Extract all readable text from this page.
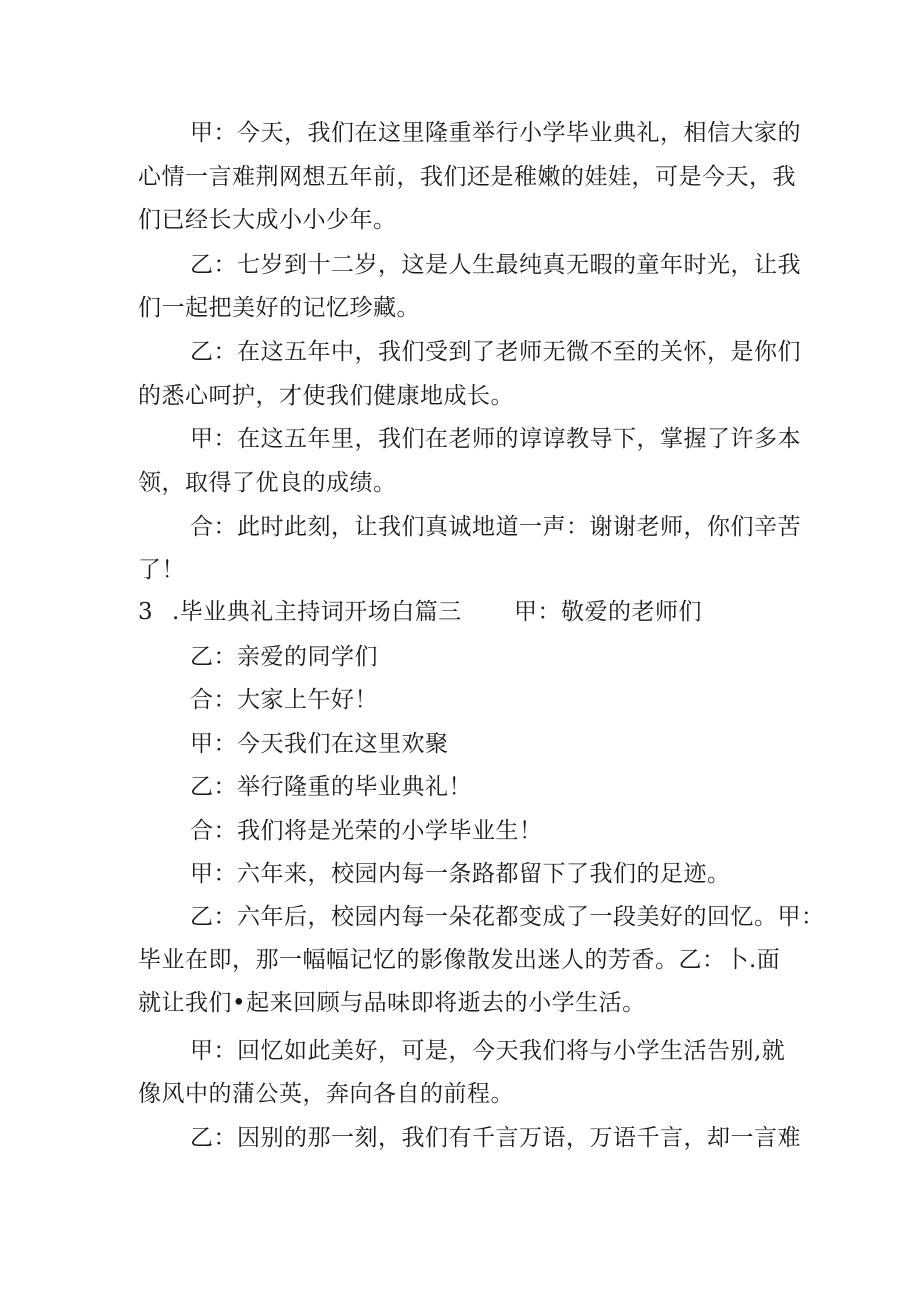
甲：今天，我们在这里隆重举行小学毕业典礼，相信大家的
心情一言难荆网想五年前，我们还是稚嫩的娃娃，可是今天，我
们已经长大成小小少年。
乙：七岁到十二岁，这是人生最纯真无暇的童年时光，让我
们一起把美好的记忆珍藏。
乙：在这五年中，我们受到了老师无微不至的关怀，是你们
的悉心呵护，才使我们健康地成长。
甲：在这五年里，我们在老师的谆谆教导下，掌握了许多本
领，取得了优良的成绩。
合：此时此刻，让我们真诚地道一声：谢谢老师，你们辛苦
了！
3 .毕业典礼主持词开场白篇三 甲：敬爱的老师们
乙：亲爱的同学们
合：大家上午好！
甲：今天我们在这里欢聚
乙：举行隆重的毕业典礼！
合：我们将是光荣的小学毕业生！
甲：六年来，校园内每一条路都留下了我们的足迹。
乙：六年后，校园内每一朵花都变成了一段美好的回忆。甲：
毕业在即，那一幅幅记忆的影像散发出迷人的芳香。乙：卜.面
就让我们•起来回顾与品味即将逝去的小学生活。
甲：回忆如此美好，可是，今天我们将与小学生活告别,就
像风中的蒲公英，奔向各自的前程。
乙：因别的那一刻，我们有千言万语，万语千言，却一言难
